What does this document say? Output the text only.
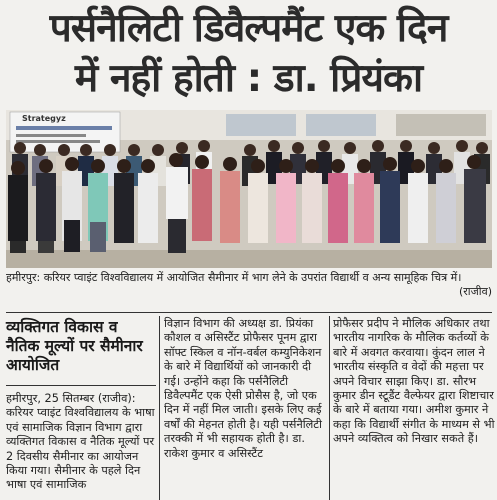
पर्सनैलिटी डिवैल्पमैंट एक दिन
में नहीं होती : डा. प्रियंका
Strategyz
हमीरपुर: करियर प्वाइंट विश्वविद्यालय में आयोजित सैमीनार में भाग लेने के उपरांत विद्यार्थी व अन्य सामूहिक चित्र में।
(राजीव)
व्यक्तिगत विकास व नैतिक मूल्यों पर सैमीनार आयोजित

हमीरपुर, 25 सितम्बर (राजीव): करियर प्वाइंट विश्वविद्यालय के भाषा एवं सामाजिक विज्ञान विभाग द्वारा व्यक्तिगत विकास व नैतिक मूल्यों पर 2 दिवसीय सैमीनार का आयोजन किया गया। सैमीनार के पहले दिन भाषा एवं सामाजिक

विज्ञान विभाग की अध्यक्ष डा. प्रियंका कौशल व असिस्टैंट प्रोफैसर पूनम द्वारा सॉफ्ट स्किल व नॉन-वर्बल कम्युनिकेशन के बारे में विद्यार्थियों को जानकारी दी गई। उन्होंने कहा कि पर्सनैलिटी डिवैल्पमैंट एक ऐसी प्रोसैस है, जो एक दिन में नहीं मिल जाती। इसके लिए कई वर्षों की मेहनत होती है। यही पर्सनैलिटी तरक्की में भी सहायक होती है। डा. राकेश कुमार व असिस्टैंट

प्रोफैसर प्रदीप ने मौलिक अधिकार तथा भारतीय नागरिक के मौलिक कर्तव्यों के बारे में अवगत करवाया। कुंदन लाल ने भारतीय संस्कृति व वेदों की महत्ता पर अपने विचार साझा किए। डा. सौरभ कुमार डीन स्टूडैंट वैल्फेयर द्वारा शिष्टाचार के बारे में बताया गया। अमीश कुमार ने कहा कि विद्यार्थी संगीत के माध्यम से भी अपने व्यक्तित्व को निखार सकते हैं।
